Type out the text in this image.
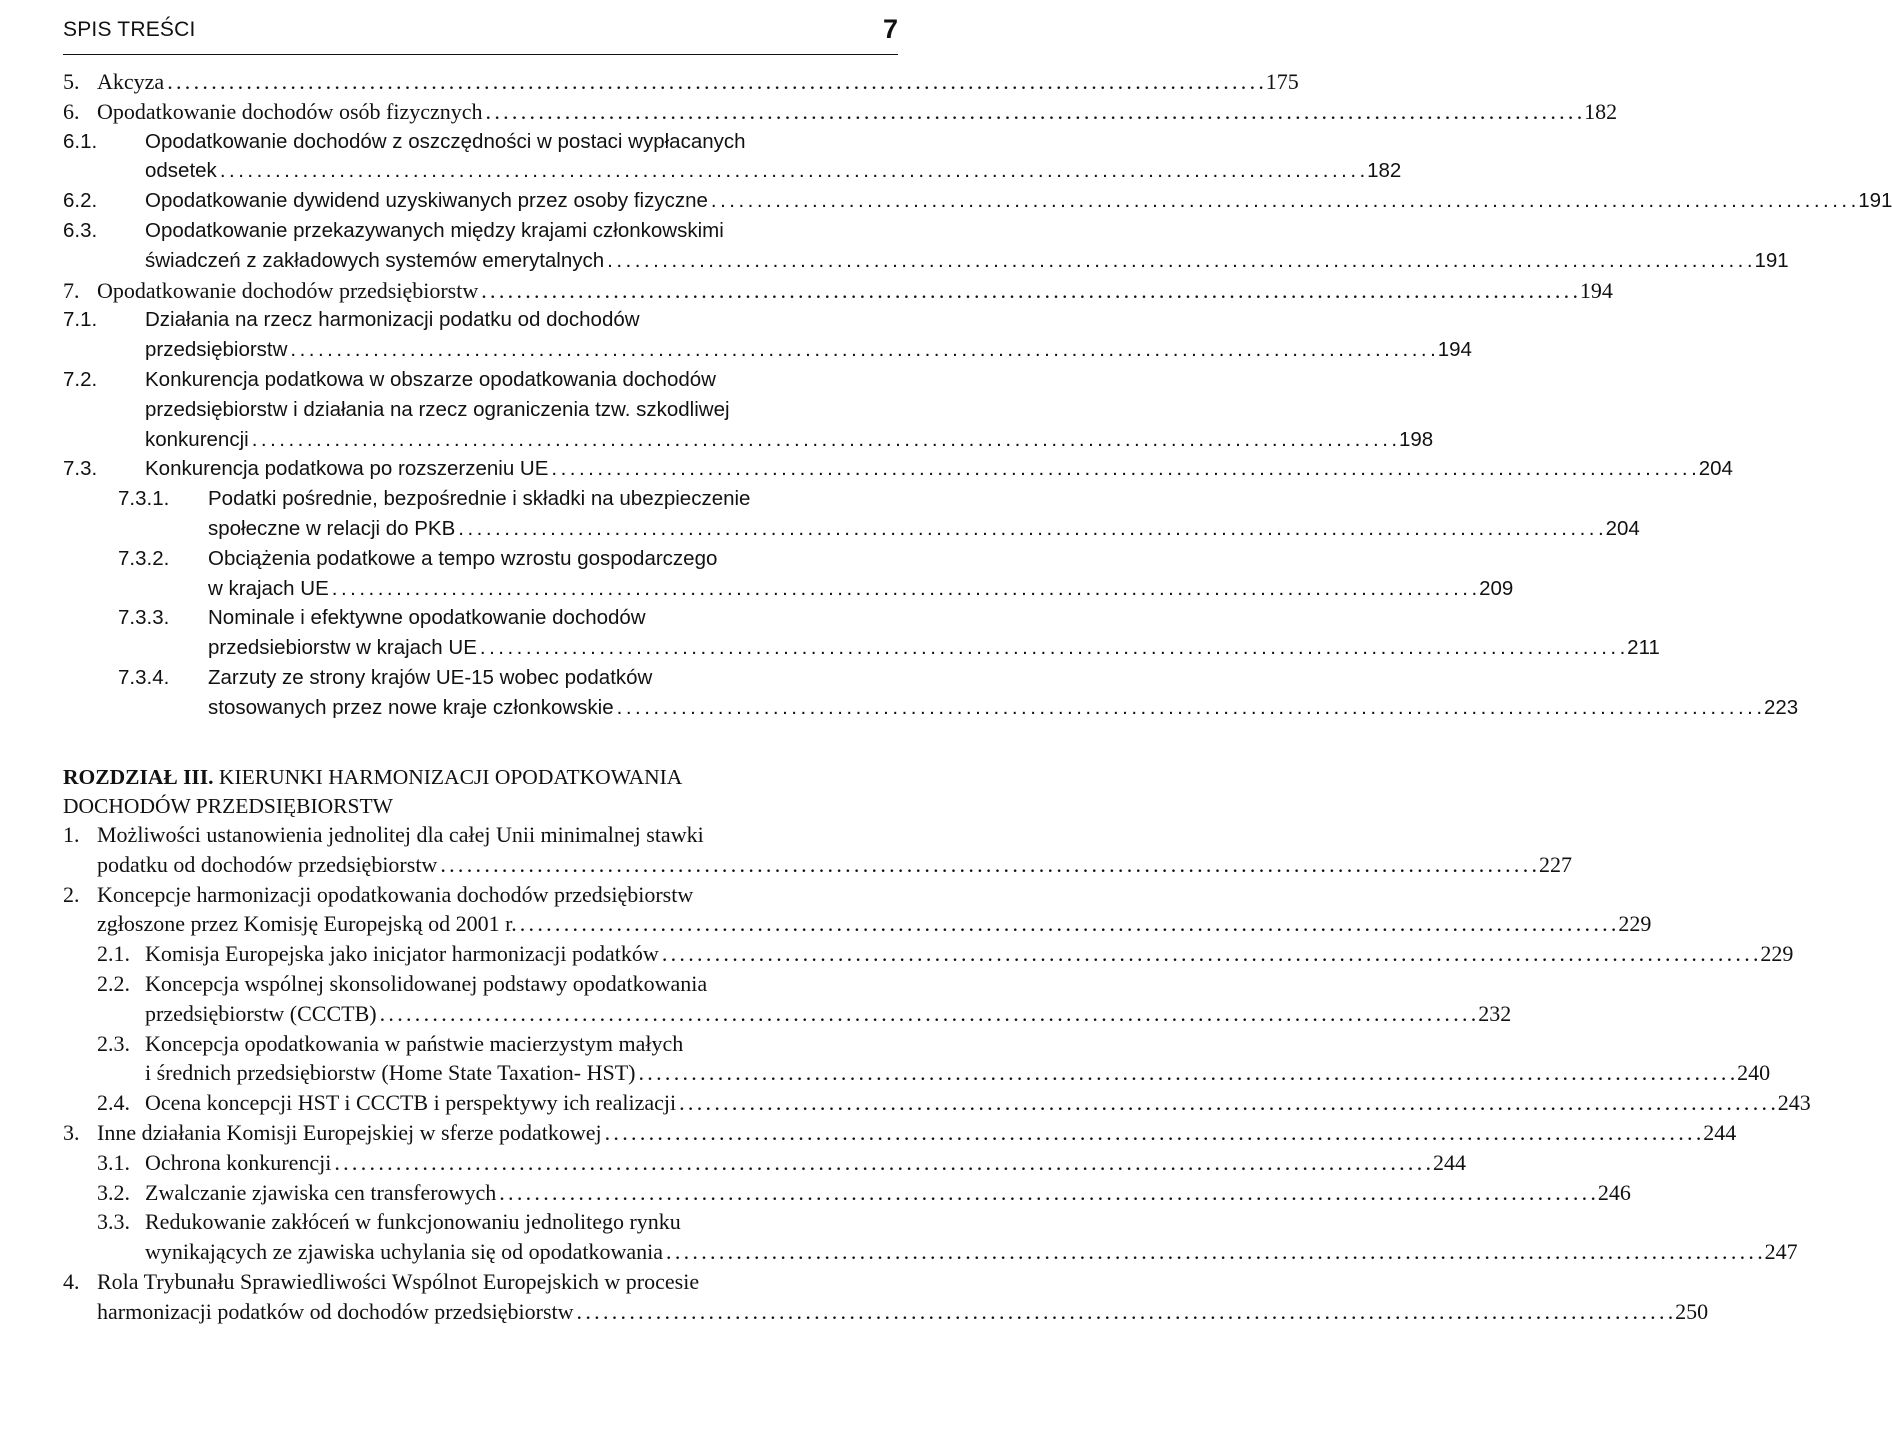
SPIS TREŚCI	7
5. Akcyza . . .	175
6. Opodatkowanie dochodów osób fizycznych . . .	182
6.1. Opodatkowanie dochodów z oszczędności w postaci wypłacanych
odsetek . . .	182
6.2. Opodatkowanie dywidend uzyskiwanych przez osoby fizyczne . . .	191
6.3. Opodatkowanie przekazywanych między krajami członkowskimi
świadczeń z zakładowych systemów emerytalnych . . .	191
7. Opodatkowanie dochodów przedsiębiorstw . . .	194
7.1. Działania na rzecz harmonizacji podatku od dochodów
przedsiębiorstw . . .	194
7.2. Konkurencja podatkowa w obszarze opodatkowania dochodów
przedsiębiorstw i działania na rzecz ograniczenia tzw. szkodliwej
konkurencji . . .	198
7.3. Konkurencja podatkowa po rozszerzeniu UE . . .	204
7.3.1. Podatki pośrednie, bezpośrednie i składki na ubezpieczenie
społeczne w relacji do PKB . . .	204
7.3.2. Obciążenia podatkowe a tempo wzrostu gospodarczego
w krajach UE . . .	209
7.3.3. Nominale i efektywne opodatkowanie dochodów
przedsiebiorstw w krajach UE . . .	211
7.3.4. Zarzuty ze strony krajów UE-15 wobec podatków
stosowanych przez nowe kraje członkowskie . . .	223
ROZDZIAŁ III.
KIERUNKI HARMONIZACJI OPODATKOWANIA
DOCHODÓW PRZEDSIĘBIORSTW
1. Możliwości ustanowienia jednolitej dla całej Unii minimalnej stawki
podatku od dochodów przedsiębiorstw . . .	227
2. Koncepcje harmonizacji opodatkowania dochodów przedsiębiorstw
zgłoszone przez Komisję Europejską od 2001 r. . . .	229
2.1. Komisja Europejska jako inicjator harmonizacji podatków . . .	229
2.2. Koncepcja wspólnej skonsolidowanej podstawy opodatkowania
przedsiębiorstw (CCCTB) . . .	232
2.3. Koncepcja opodatkowania w państwie macierzystym małych
i średnich przedsiębiorstw (Home State Taxation- HST) . . .	240
2.4. Ocena koncepcji HST i CCCTB i perspektywy ich realizacji . . .	243
3. Inne działania Komisji Europejskiej w sferze podatkowej . . .	244
3.1. Ochrona konkurencji . . .	244
3.2. Zwalczanie zjawiska cen transferowych . . .	246
3.3. Redukowanie zakłóceń w funkcjonowaniu jednolitego rynku
wynikających ze zjawiska uchylania się od opodatkowania . . .	247
4. Rola Trybunału Sprawiedliwości Wspólnot Europejskich w procesie
harmonizacji podatków od dochodów przedsiębiorstw . . .	250
